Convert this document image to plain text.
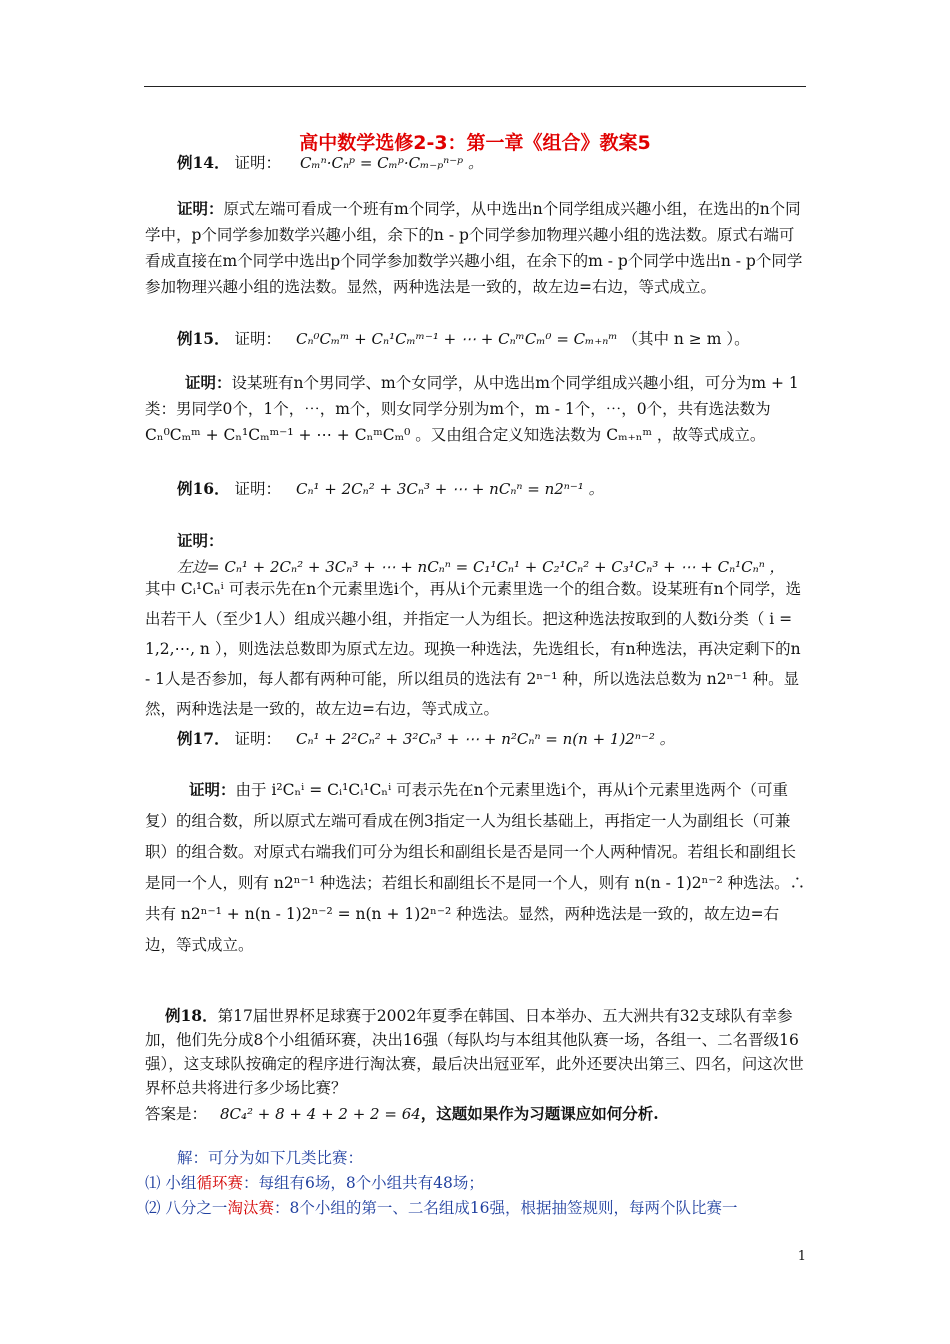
高中数学选修2-3：第一章《组合》教案5

例14． 证明： Cₘⁿ·Cₙᵖ = Cₘᵖ·Cₘ₋ₚⁿ⁻ᵖ 。

证明：原式左端可看成一个班有m个同学，从中选出n个同学组成兴趣小组，在选出的n个同学中，p个同学参加数学兴趣小组，余下的n - p个同学参加物理兴趣小组的选法数。原式右端可看成直接在m个同学中选出p个同学参加数学兴趣小组，在余下的m - p个同学中选出n - p个同学参加物理兴趣小组的选法数。显然，两种选法是一致的，故左边=右边，等式成立。

例15． 证明： Cₙ⁰Cₘᵐ + Cₙ¹Cₘᵐ⁻¹ + ⋯ + CₙᵐCₘ⁰ = Cₘ₊ₙᵐ （其中 n ≥ m ）。

证明：设某班有n个男同学、m个女同学，从中选出m个同学组成兴趣小组，可分为m + 1类：男同学0个，1个，⋯，m个，则女同学分别为m个，m - 1个，⋯，0个，共有选法数为 Cₙ⁰Cₘᵐ + Cₙ¹Cₘᵐ⁻¹ + ⋯ + CₙᵐCₘ⁰ 。又由组合定义知选法数为 Cₘ₊ₙᵐ ，故等式成立。

例16． 证明： Cₙ¹ + 2Cₙ² + 3Cₙ³ + ⋯ + nCₙⁿ = n2ⁿ⁻¹ 。

证明：左边= Cₙ¹ + 2Cₙ² + 3Cₙ³ + ⋯ + nCₙⁿ = C₁¹Cₙ¹ + C₂¹Cₙ² + C₃¹Cₙ³ + ⋯ + Cₙ¹Cₙⁿ ，

其中 Cᵢ¹Cₙⁱ 可表示先在n个元素里选i个，再从i个元素里选一个的组合数。设某班有n个同学，选出若干人（至少1人）组成兴趣小组，并指定一人为组长。把这种选法按取到的人数i分类（ i = 1,2,⋯, n ），则选法总数即为原式左边。现换一种选法，先选组长，有n种选法，再决定剩下的n - 1人是否参加，每人都有两种可能，所以组员的选法有 2ⁿ⁻¹ 种，所以选法总数为 n2ⁿ⁻¹ 种。显然，两种选法是一致的，故左边=右边，等式成立。

例17． 证明： Cₙ¹ + 2²Cₙ² + 3²Cₙ³ + ⋯ + n²Cₙⁿ = n(n + 1)2ⁿ⁻² 。

证明：由于 i²Cₙⁱ = Cᵢ¹Cᵢ¹Cₙⁱ 可表示先在n个元素里选i个，再从i个元素里选两个（可重复）的组合数，所以原式左端可看成在例3指定一人为组长基础上，再指定一人为副组长（可兼职）的组合数。对原式右端我们可分为组长和副组长是否是同一个人两种情况。若组长和副组长是同一个人，则有 n2ⁿ⁻¹ 种选法；若组长和副组长不是同一个人，则有 n(n - 1)2ⁿ⁻² 种选法。∴共有 n2ⁿ⁻¹ + n(n - 1)2ⁿ⁻² = n(n + 1)2ⁿ⁻² 种选法。显然，两种选法是一致的，故左边=右边，等式成立。

例18．第17届世界杯足球赛于2002年夏季在韩国、日本举办、五大洲共有32支球队有幸参加，他们先分成8个小组循环赛，决出16强（每队均与本组其他队赛一场，各组一、二名晋级16强），这支球队按确定的程序进行淘汰赛，最后决出冠亚军，此外还要决出第三、四名，问这次世界杯总共将进行多少场比赛？

答案是： 8C₄² + 8 + 4 + 2 + 2 = 64，这题如果作为习题课应如何分析.

解：可分为如下几类比赛：

⑴ 小组循环赛：每组有6场，8个小组共有48场；

⑵ 八分之一淘汰赛：8个小组的第一、二名组成16强，根据抽签规则，每两个队比赛一

1
